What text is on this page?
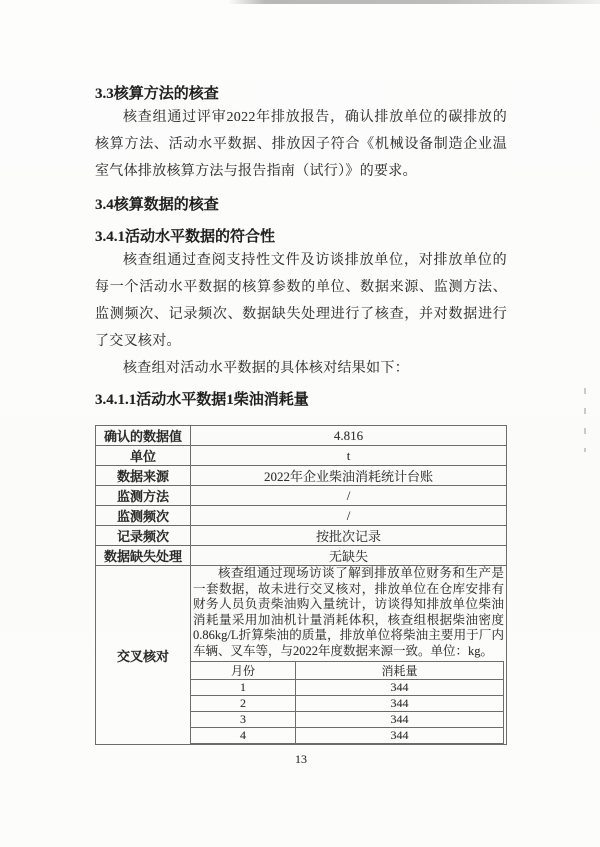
3.3核算方法的核查

核查组通过评审2022年排放报告，确认排放单位的碳排放的核算方法、活动水平数据、排放因子符合《机械设备制造企业温室气体排放核算方法与报告指南（试行）》的要求。

3.4核算数据的核查
3.4.1活动水平数据的符合性

核查组通过查阅支持性文件及访谈排放单位，对排放单位的每一个活动水平数据的核算参数的单位、数据来源、监测方法、监测频次、记录频次、数据缺失处理进行了核查，并对数据进行了交叉核对。

核查组对活动水平数据的具体核对结果如下：

3.4.1.1活动水平数据1柴油消耗量
确认的数据值	4.816
单位	t
数据来源	2022年企业柴油消耗统计台账
监测方法	/
监测频次	/
记录频次	按批次记录
数据缺失处理	无缺失
交叉核对	

核查组通过现场访谈了解到排放单位财务和生产是一套数据，故未进行交叉核对，排放单位在仓库安排有财务人员负责柴油购入量统计，访谈得知排放单位柴油消耗量采用加油机计量消耗体积，核查组根据柴油密度0.86kg/L折算柴油的质量，排放单位将柴油主要用于厂内车辆、叉车等，与2022年度数据来源一致。单位：kg。

月份	消耗量
1	344
2	344
3	344
4	344
13
